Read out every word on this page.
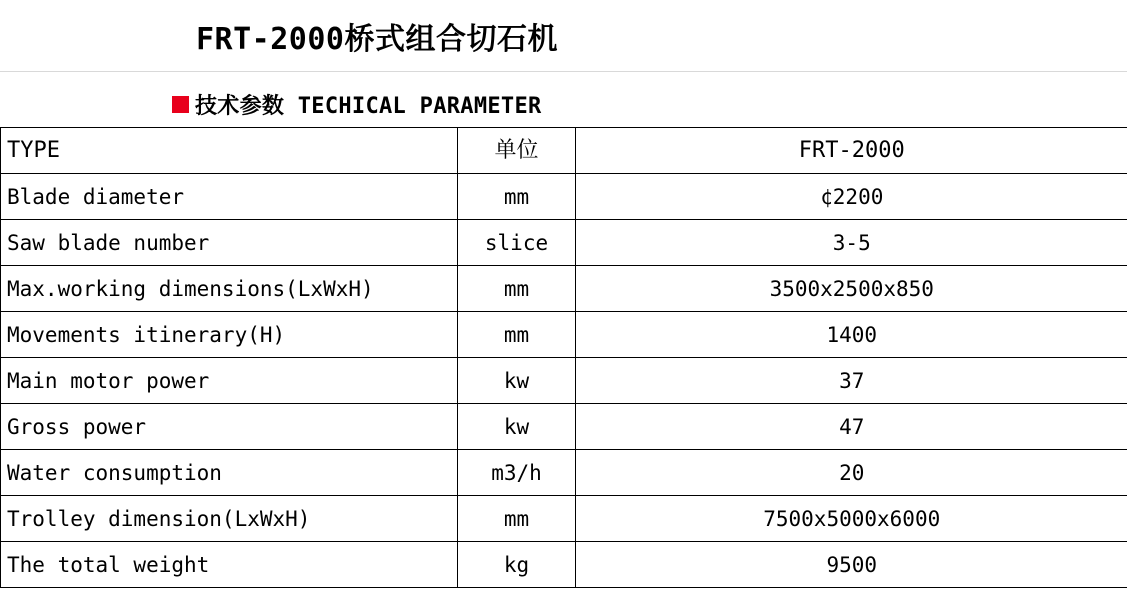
FRT-2000桥式组合切石机
技术参数 TECHICAL PARAMETER
TYPE	单位	FRT-2000
Blade diameter	mm	¢2200
Saw blade number	slice	3-5
Max.working dimensions(LxWxH)	mm	3500x2500x850
Movements itinerary(H)	mm	1400
Main motor power	kw	37
Gross power	kw	47
Water consumption	m3/h	20
Trolley dimension(LxWxH)	mm	7500x5000x6000
The total weight	kg	9500
